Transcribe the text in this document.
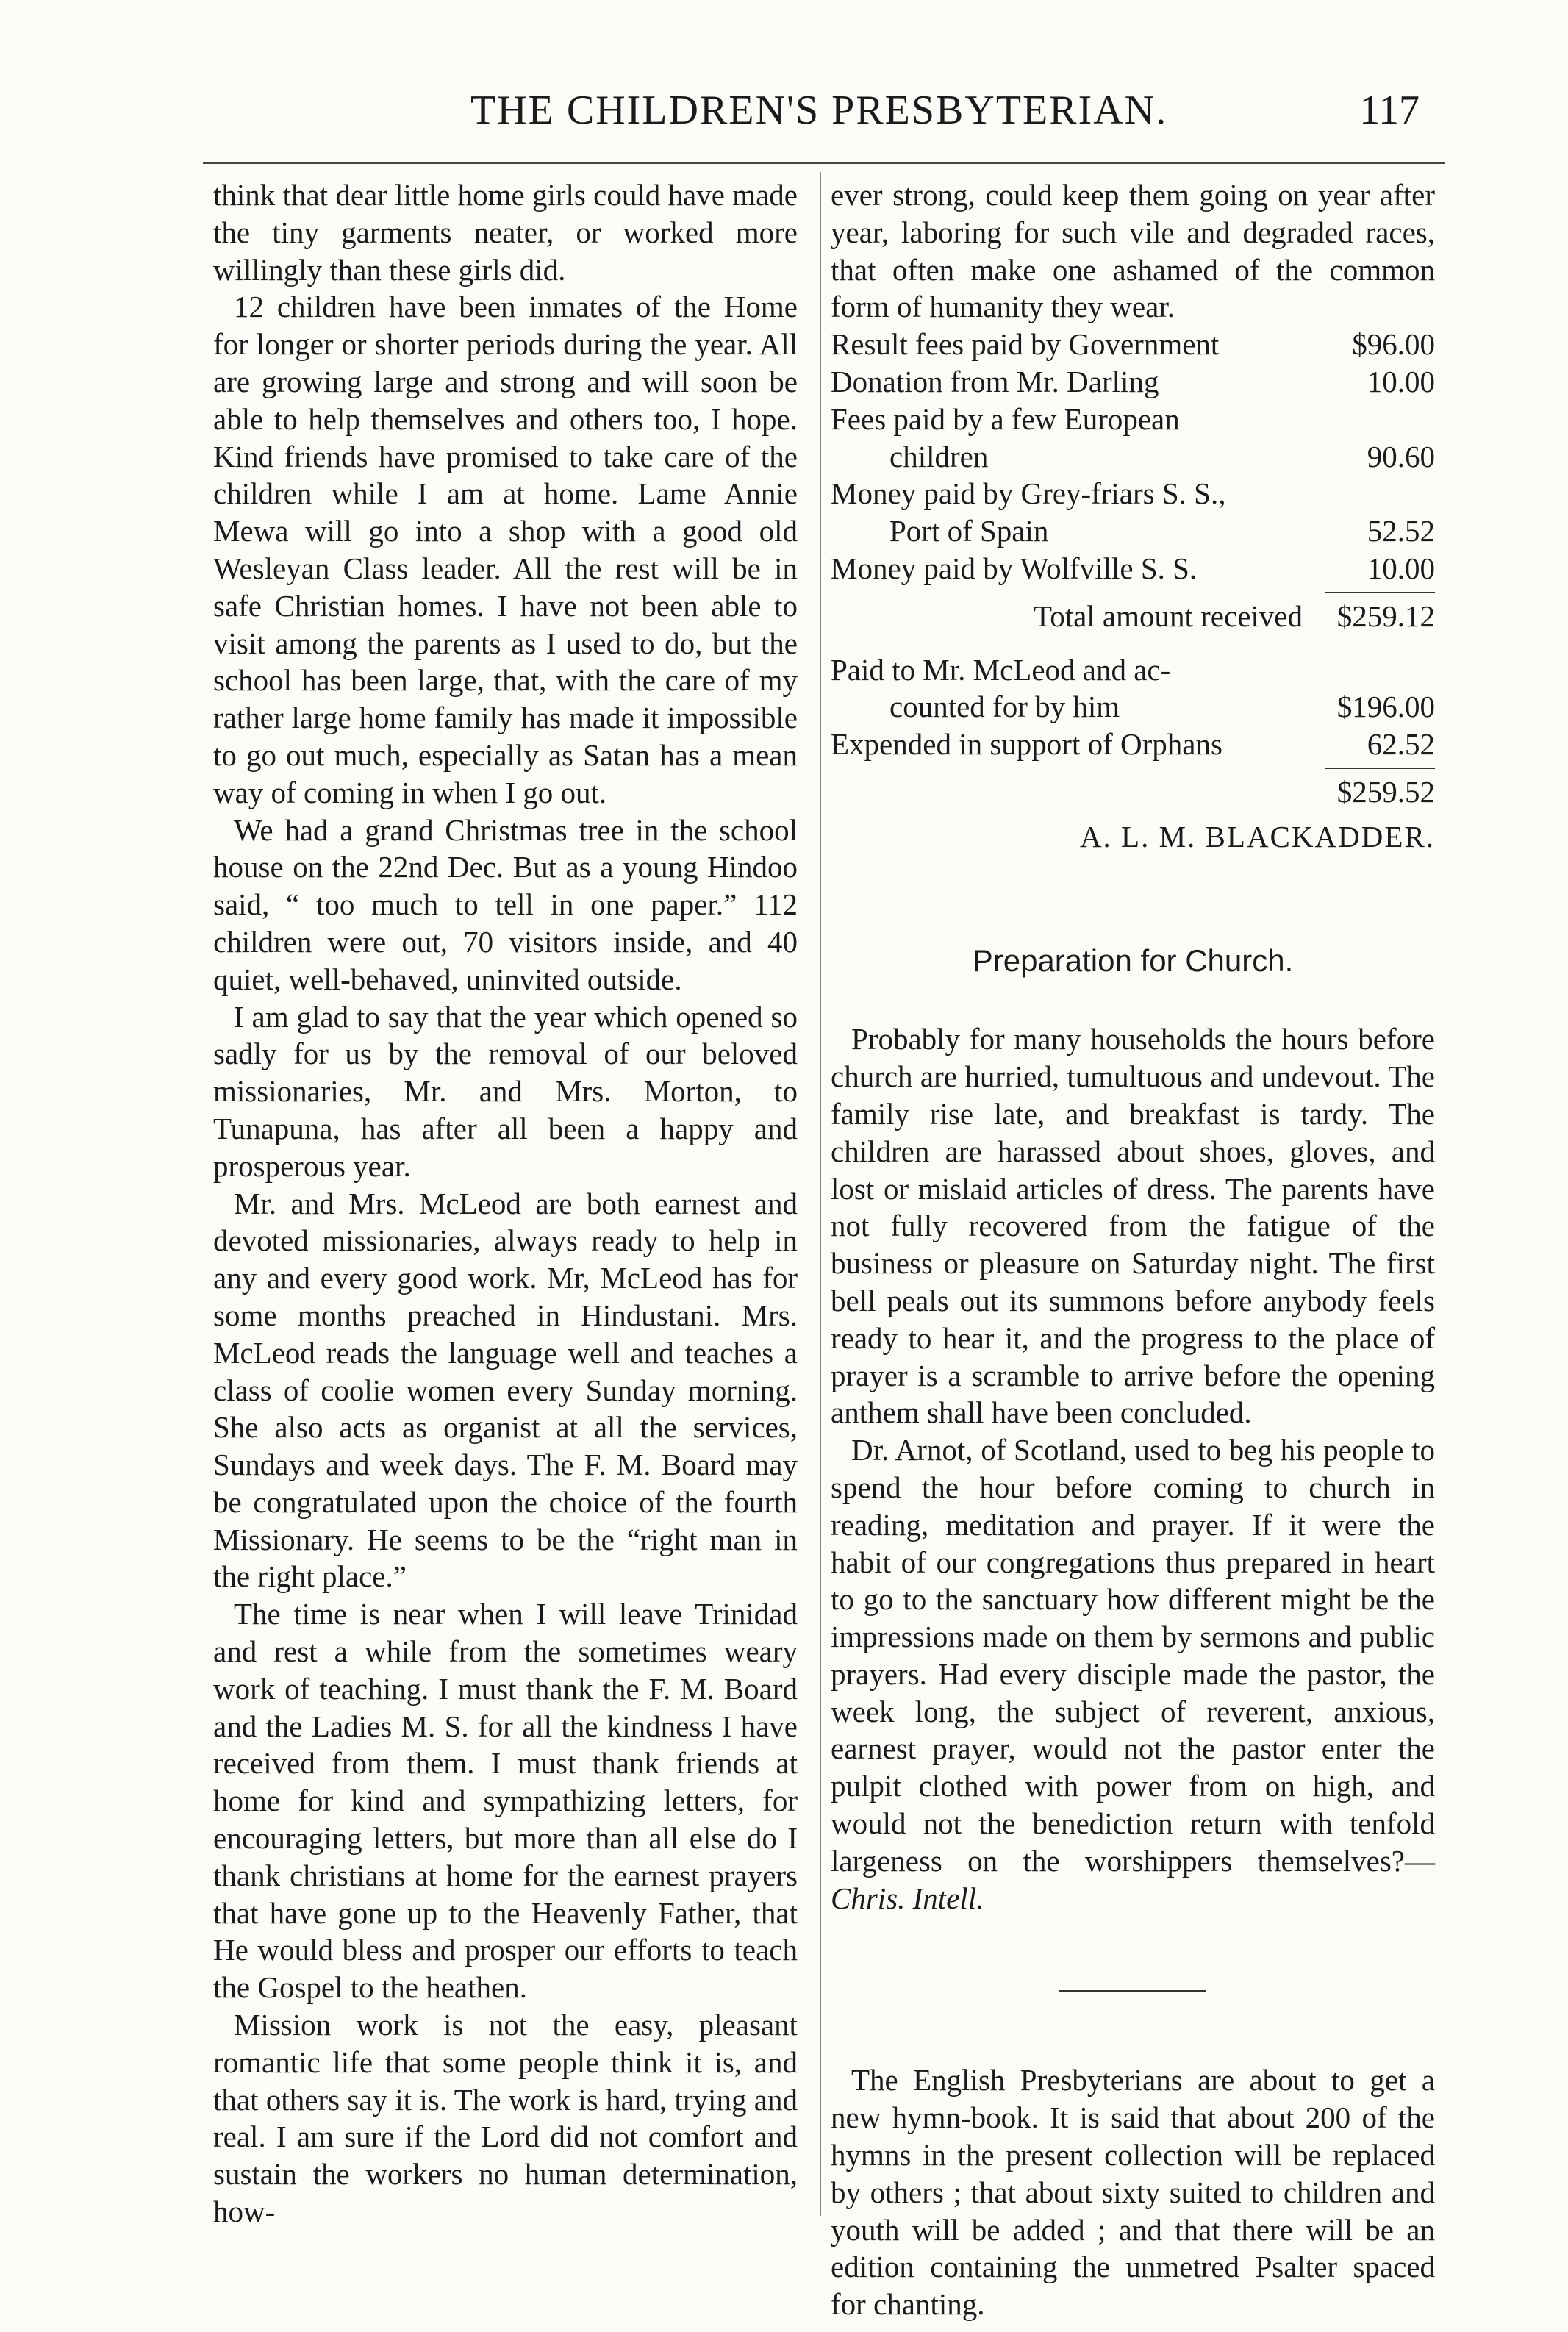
THE CHILDREN'S PRESBYTERIAN.	117

think that dear little home girls could have made the tiny garments neater, or worked more willingly than these girls did.

12 children have been inmates of the Home for longer or shorter periods during the year. All are growing large and strong and will soon be able to help themselves and others too, I hope. Kind friends have promised to take care of the children while I am at home. Lame Annie Mewa will go into a shop with a good old Wesleyan Class leader. All the rest will be in safe Christian homes. I have not been able to visit among the parents as I used to do, but the school has been large, that, with the care of my rather large home family has made it impossible to go out much, especially as Satan has a mean way of coming in when I go out.

We had a grand Christmas tree in the school house on the 22nd Dec. But as a young Hindoo said, “ too much to tell in one paper.” 112 children were out, 70 visitors inside, and 40 quiet, well-behaved, uninvited outside.

I am glad to say that the year which opened so sadly for us by the removal of our beloved missionaries, Mr. and Mrs. Morton, to Tunapuna, has after all been a happy and prosperous year.

Mr. and Mrs. McLeod are both earnest and devoted missionaries, always ready to help in any and every good work. Mr, McLeod has for some months preached in Hindustani. Mrs. McLeod reads the language well and teaches a class of coolie women every Sunday morning. She also acts as organist at all the services, Sundays and week days. The F. M. Board may be congratulated upon the choice of the fourth Missionary. He seems to be the “right man in the right place.”

The time is near when I will leave Trinidad and rest a while from the sometimes weary work of teaching. I must thank the F. M. Board and the Ladies M. S. for all the kindness I have received from them. I must thank friends at home for kind and sympathizing letters, for encouraging letters, but more than all else do I thank christians at home for the earnest prayers that have gone up to the Heavenly Father, that He would bless and prosper our efforts to teach the Gospel to the heathen.

Mission work is not the easy, pleasant romantic life that some people think it is, and that others say it is. The work is hard, trying and real. I am sure if the Lord did not comfort and sustain the workers no human determination, how-

ever strong, could keep them going on year after year, laboring for such vile and degraded races, that often make one ashamed of the common form of humanity they wear.

Result fees paid by Government	$96.00
Donation from Mr. Darling	10.00
Fees paid by a few European
children	90.60
Money paid by Grey-friars S. S.,
Port of Spain	52.52
Money paid by Wolfville S. S.	10.00
Total amount received $259.12
Paid to Mr. McLeod and ac-
counted for by him	$196.00
Expended in support of Orphans	62.52
$259.52
A. L. M. BLACKADDER.
Preparation for Church.

Probably for many households the hours before church are hurried, tumultuous and undevout. The family rise late, and breakfast is tardy. The children are harassed about shoes, gloves, and lost or mislaid articles of dress. The parents have not fully recovered from the fatigue of the business or pleasure on Saturday night. The first bell peals out its summons before anybody feels ready to hear it, and the progress to the place of prayer is a scramble to arrive before the opening anthem shall have been concluded.

Dr. Arnot, of Scotland, used to beg his people to spend the hour before coming to church in reading, meditation and prayer. If it were the habit of our congregations thus prepared in heart to go to the sanctuary how different might be the impressions made on them by sermons and public prayers. Had every disciple made the pastor, the week long, the subject of reverent, anxious, earnest prayer, would not the pastor enter the pulpit clothed with power from on high, and would not the benediction return with tenfold largeness on the worshippers themselves?—Chris. Intell.

The English Presbyterians are about to get a new hymn-book. It is said that about 200 of the hymns in the present collection will be replaced by others ; that about sixty suited to children and youth will be added ; and that there will be an edition containing the unmetred Psalter spaced for chanting.
